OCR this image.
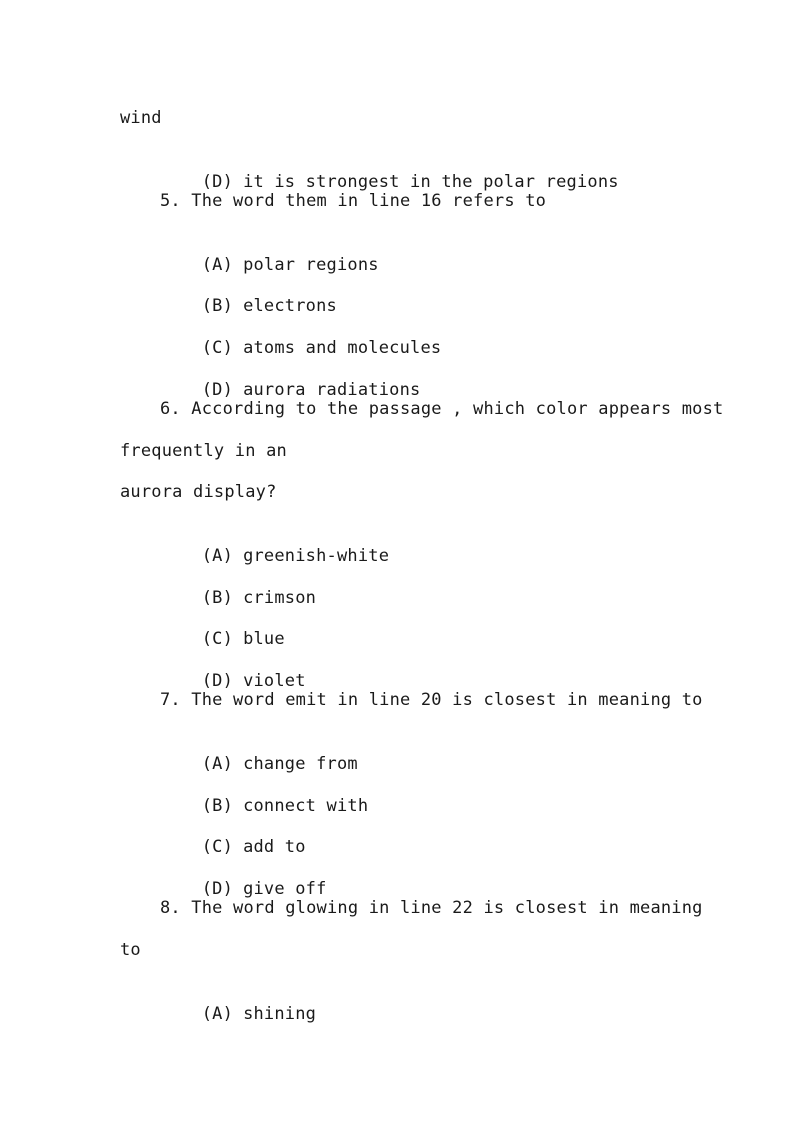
wind

(D) it is strongest in the polar regions

5. The word them in line 16 refers to

(A) polar regions

(B) electrons

(C) atoms and molecules

(D) aurora radiations

6. According to the passage , which color appears most
frequently in an
aurora display?

(A) greenish-white

(B) crimson

(C) blue

(D) violet

7. The word emit in line 20 is closest in meaning to

(A) change from

(B) connect with

(C) add to

(D) give off

8. The word glowing in line 22 is closest in meaning
to

(A) shining
